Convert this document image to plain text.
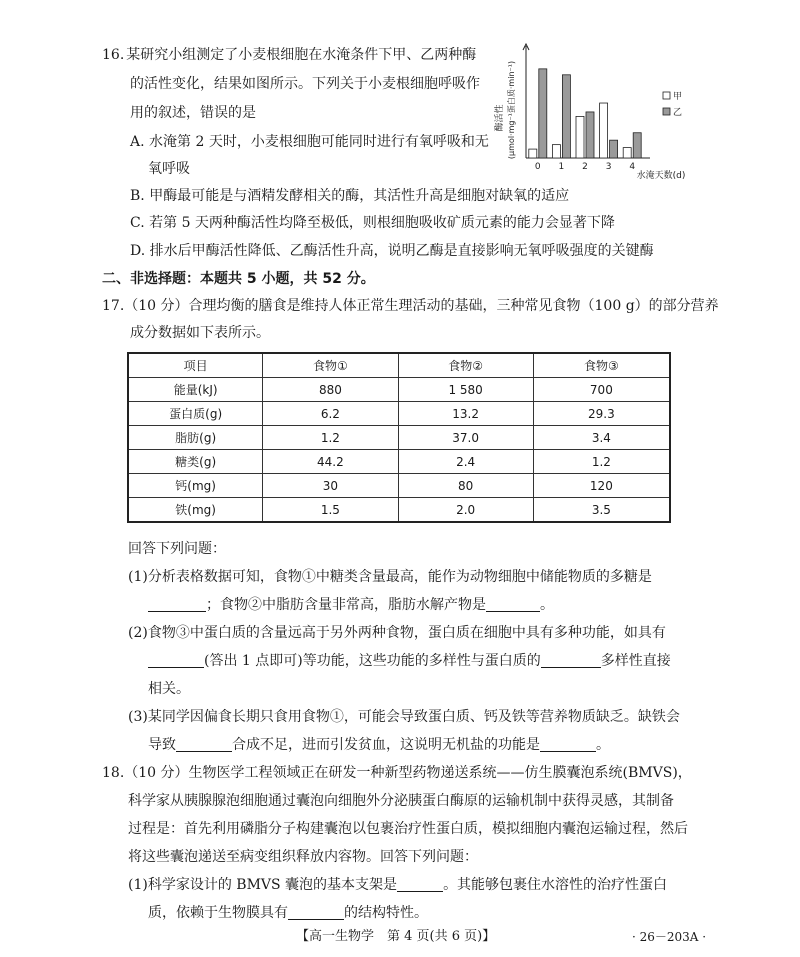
16. 某研究小组测定了小麦根细胞在水淹条件下甲、乙两种酶
的活性变化，结果如图所示。下列关于小麦根细胞呼吸作
用的叙述，错误的是
A. 水淹第 2 天时，小麦根细胞可能同时进行有氧呼吸和无
氧呼吸
B. 甲酶最可能是与酒精发酵相关的酶，其活性升高是细胞对缺氧的适应
C. 若第 5 天两种酶活性均降至极低，则根细胞吸收矿质元素的能力会显著下降
D. 排水后甲酶活性降低、乙酶活性升高，说明乙酶是直接影响无氧呼吸强度的关键酶
酶活性 (μmol·mg⁻¹蛋白质·min⁻¹)
0 1 2 3 4
甲
乙
水淹天数(d)
二、非选择题：本题共 5 小题，共 52 分。
17.（10 分）合理均衡的膳食是维持人体正常生理活动的基础，三种常见食物（100 g）的部分营养
成分数据如下表所示。
项目	食物①	食物②	食物③
能量(kJ)	880	1 580	700
蛋白质(g)	6.2	13.2	29.3
脂肪(g)	1.2	37.0	3.4
糖类(g)	44.2	2.4	1.2
钙(mg)	30	80	120
铁(mg)	1.5	2.0	3.5
回答下列问题：
(1)分析表格数据可知，食物①中糖类含量最高，能作为动物细胞中储能物质的多糖是
；食物②中脂肪含量非常高，脂肪水解产物是	。
(2)食物③中蛋白质的含量远高于另外两种食物，蛋白质在细胞中具有多种功能，如具有
(答出 1 点即可)等功能，这些功能的多样性与蛋白质的	多样性直接
相关。
(3)某同学因偏食长期只食用食物①，可能会导致蛋白质、钙及铁等营养物质缺乏。缺铁会
导致	合成不足，进而引发贫血，这说明无机盐的功能是	。
18.（10 分）生物医学工程领域正在研发一种新型药物递送系统——仿生膜囊泡系统(BMVS)，
科学家从胰腺腺泡细胞通过囊泡向细胞外分泌胰蛋白酶原的运输机制中获得灵感，其制备
过程是：首先利用磷脂分子构建囊泡以包裹治疗性蛋白质，模拟细胞内囊泡运输过程，然后
将这些囊泡递送至病变组织释放内容物。回答下列问题：
(1)科学家设计的 BMVS 囊泡的基本支架是	。其能够包裹住水溶性的治疗性蛋白
质，依赖于生物膜具有	的结构特性。
【高一生物学　第 4 页(共 6 页)】	· 26－203A ·
